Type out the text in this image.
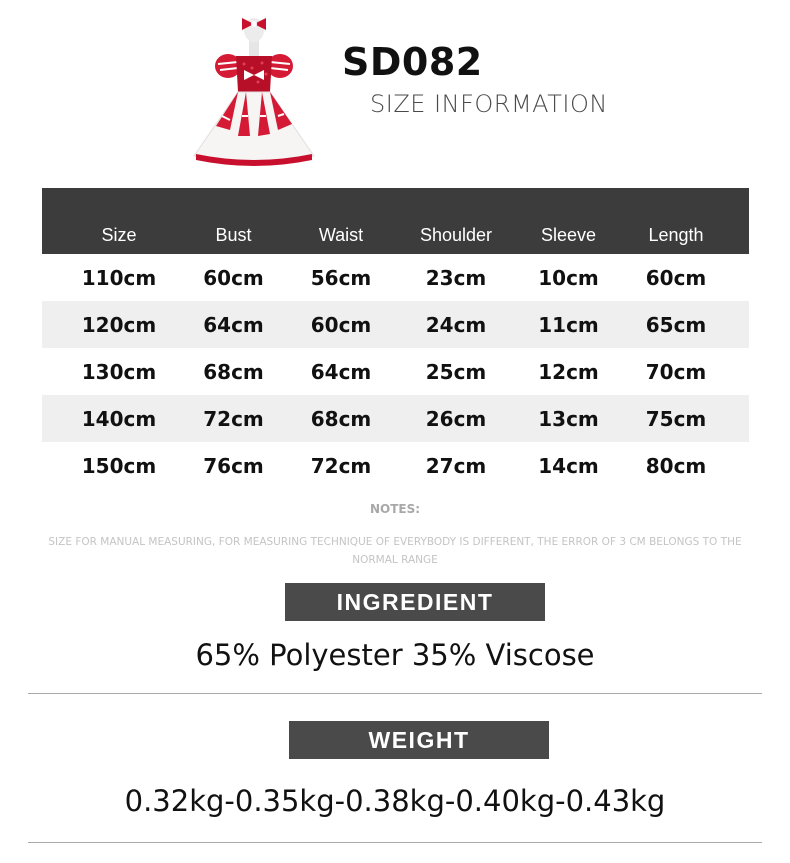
SD082
SIZE INFORMATION
Size	Bust	Waist	Shoulder	Sleeve	Length
110cm	60cm	56cm	23cm	10cm	60cm
120cm	64cm	60cm	24cm	11cm	65cm
130cm	68cm	64cm	25cm	12cm	70cm
140cm	72cm	68cm	26cm	13cm	75cm
150cm	76cm	72cm	27cm	14cm	80cm
NOTES:
SIZE FOR MANUAL MEASURING, FOR MEASURING TECHNIQUE OF EVERYBODY IS DIFFERENT, THE ERROR OF 3 CM BELONGS TO THE NORMAL RANGE
INGREDIENT
65% Polyester 35% Viscose
WEIGHT
0.32kg-0.35kg-0.38kg-0.40kg-0.43kg
